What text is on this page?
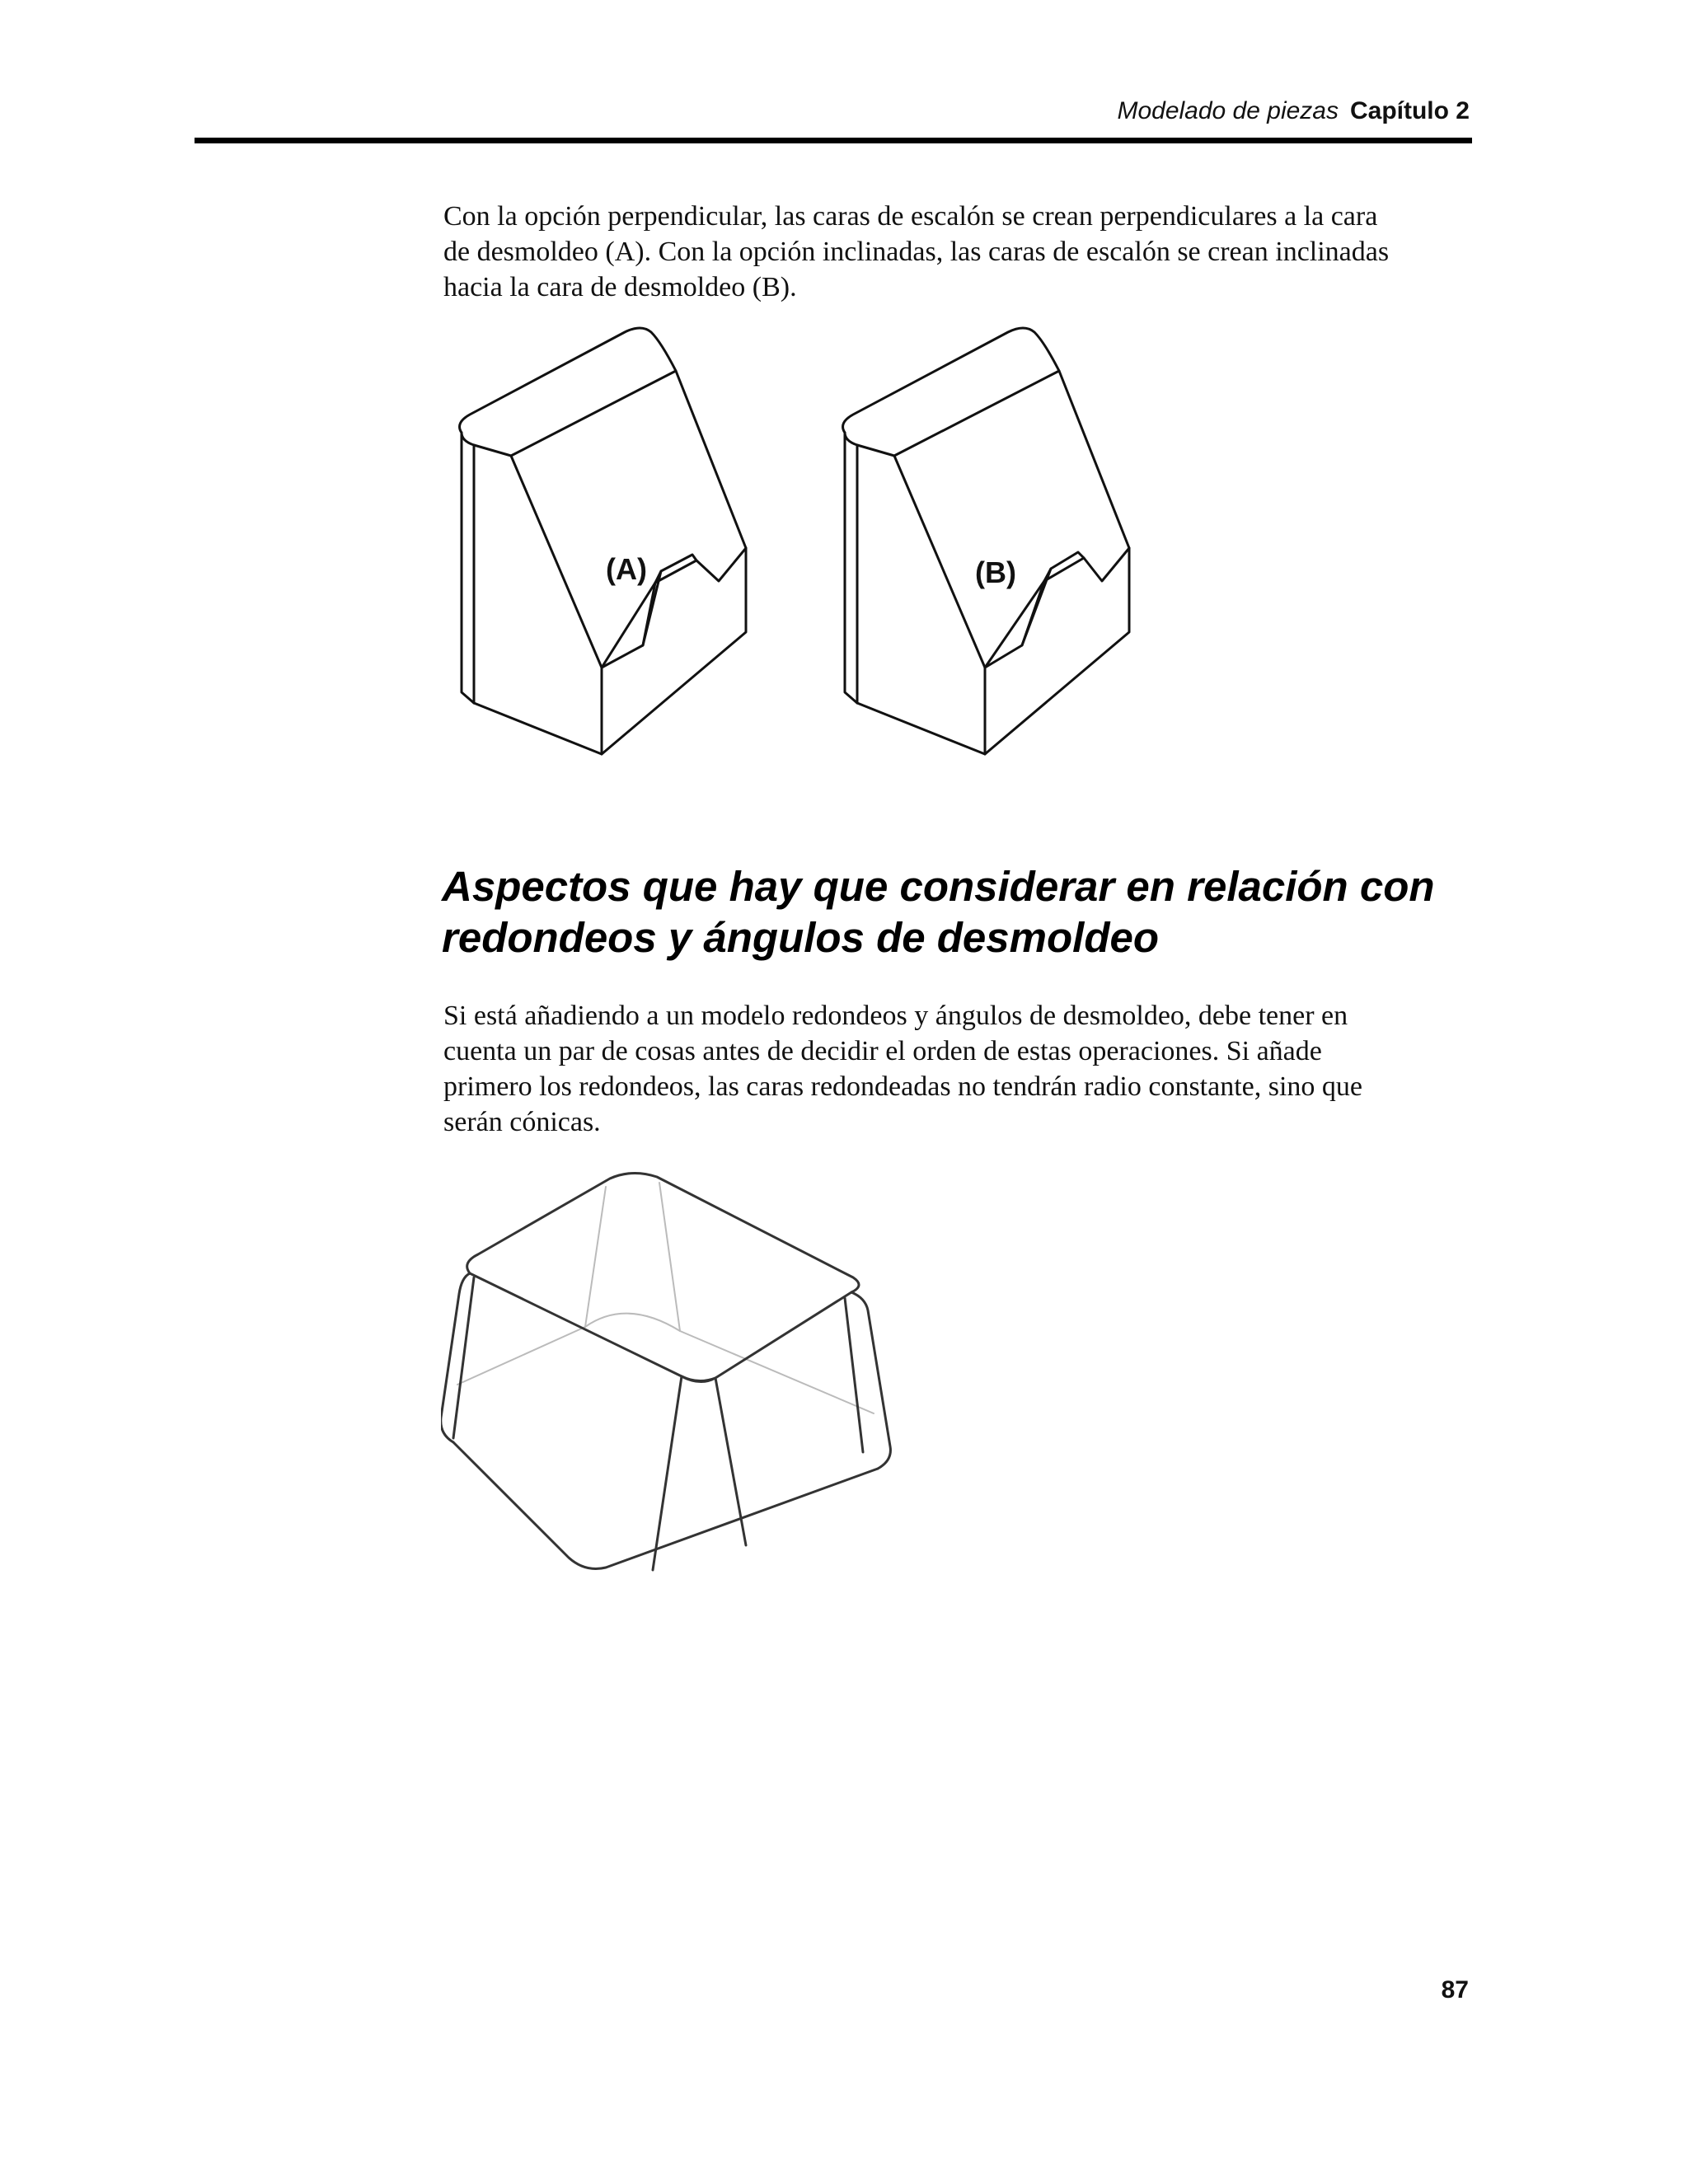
Modelado de piezas Capítulo 2

Con la opción perpendicular, las caras de escalón se crean perpendiculares a la cara
de desmoldeo (A). Con la opción inclinadas, las caras de escalón se crean inclinadas
hacia la cara de desmoldeo (B).

(A)	(B)
Aspectos que hay que considerar en relación con
redondeos y ángulos de desmoldeo

Si está añadiendo a un modelo redondeos y ángulos de desmoldeo, debe tener en
cuenta un par de cosas antes de decidir el orden de estas operaciones. Si añade
primero los redondeos, las caras redondeadas no tendrán radio constante, sino que
serán cónicas.

87
